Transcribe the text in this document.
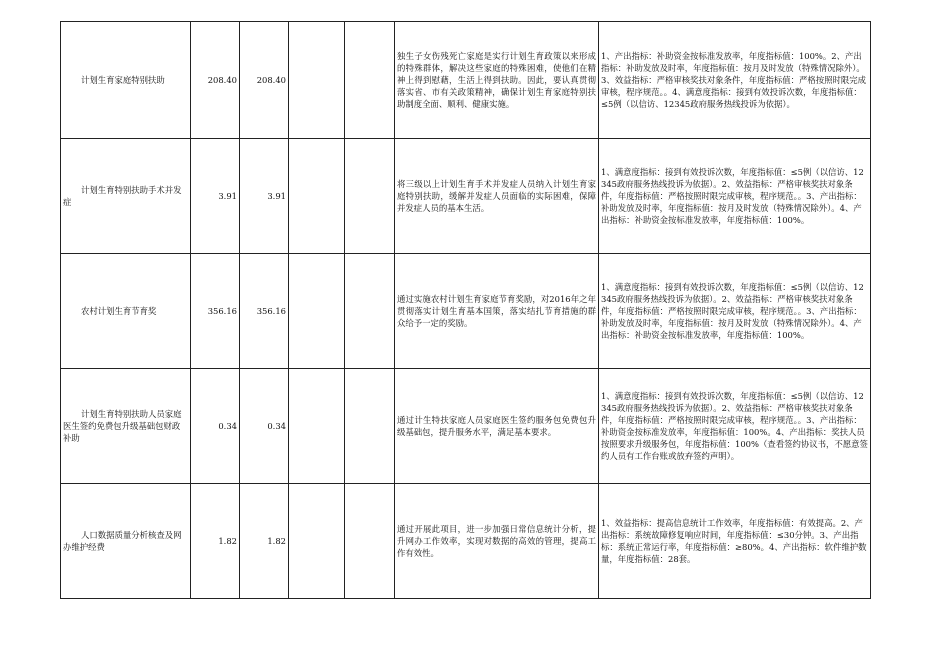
计划生育家庭特别扶助	208.40	208.40			独生子女伤残死亡家庭是实行计划生育政策以来形成的特殊群体，解决这些家庭的特殊困难，使他们在精神上得到慰藉，生活上得到扶助。因此，要认真贯彻落实省、市有关政策精神，确保计划生育家庭特别扶助制度全面、顺利、健康实施。	1、产出指标：补助资金按标准发放率，年度指标值：100%。2、产出指标：补助发放及时率，年度指标值：按月及时发放（特殊情况除外）。3、效益指标：严格审核奖扶对象条件，年度指标值：严格按照时限完成审核，程序规范。。4、满意度指标：接到有效投诉次数，年度指标值：≤5例（以信访、12345政府服务热线投诉为依据）。
计划生育特别扶助手术并发症	3.91	3.91			将三级以上计划生育手术并发症人员纳入计划生育家庭特别扶助，缓解并发症人员面临的实际困难，保障并发症人员的基本生活。	1、满意度指标：接到有效投诉次数，年度指标值：≤5例（以信访、12345政府服务热线投诉为依据）。2、效益指标：严格审核奖扶对象条件，年度指标值：严格按照时限完成审核，程序规范。。3、产出指标：补助发放及时率，年度指标值：按月及时发放（特殊情况除外）。4、产出指标：补助资金按标准发放率，年度指标值：100%。
农村计划生育节育奖	356.16	356.16			通过实施农村计划生育家庭节育奖励，对2016年之年贯彻落实计划生育基本国策，落实结扎节育措施的群众给予一定的奖励。	1、满意度指标：接到有效投诉次数，年度指标值：≤5例（以信访、12345政府服务热线投诉为依据）。2、效益指标：严格审核奖扶对象条件，年度指标值：严格按照时限完成审核，程序规范。。3、产出指标：补助发放及时率，年度指标值：按月及时发放（特殊情况除外）。4、产出指标：补助资金按标准发放率，年度指标值：100%。
计划生育特别扶助人员家庭医生签约免费包升级基础包财政补助	0.34	0.34			通过计生特扶家庭人员家庭医生签约服务包免费包升级基础包，提升服务水平，满足基本要求。	1、满意度指标：接到有效投诉次数，年度指标值：≤5例（以信访、12345政府服务热线投诉为依据）。2、效益指标：严格审核奖扶对象条件，年度指标值：严格按照时限完成审核，程序规范。。3、产出指标：补助资金按标准发放率，年度指标值：100%。4、产出指标：奖扶人员按照要求升级服务包，年度指标值：100%（查看签约协议书，不愿意签约人员有工作台账或放弃签约声明）。
人口数据质量分析核查及网办维护经费	1.82	1.82			通过开展此项目，进一步加强日常信息统计分析，提升网办工作效率，实现对数据的高效的管理，提高工作有效性。	1、效益指标：提高信息统计工作效率，年度指标值：有效提高。2、产出指标：系统故障修复响应时间，年度指标值：≤30分钟。3、产出指标：系统正常运行率，年度指标值：≥80%。4、产出指标：软件维护数量，年度指标值：28套。
